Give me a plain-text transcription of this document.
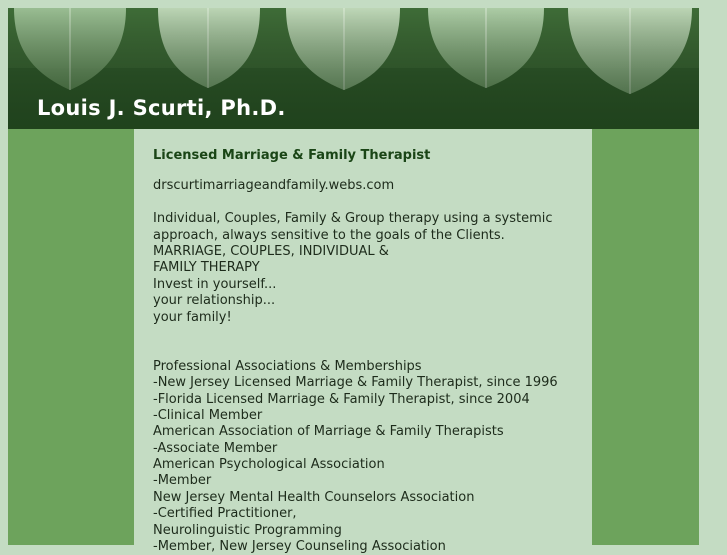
Louis J. Scurti, Ph.D.
Licensed Marriage & Family Therapist
drscurtimarriageandfamily.webs.com
Individual, Couples, Family & Group therapy using a systemic
approach, always sensitive to the goals of the Clients.
MARRIAGE, COUPLES, INDIVIDUAL &
FAMILY THERAPY
Invest in yourself...
your relationship...
your family!
Professional Associations & Memberships
-New Jersey Licensed Marriage & Family Therapist, since 1996
-Florida Licensed Marriage & Family Therapist, since 2004
-Clinical Member
American Association of Marriage & Family Therapists
-Associate Member
American Psychological Association
-Member
New Jersey Mental Health Counselors Association
-Certified Practitioner,
Neurolinguistic Programming
-Member, New Jersey Counseling Association
